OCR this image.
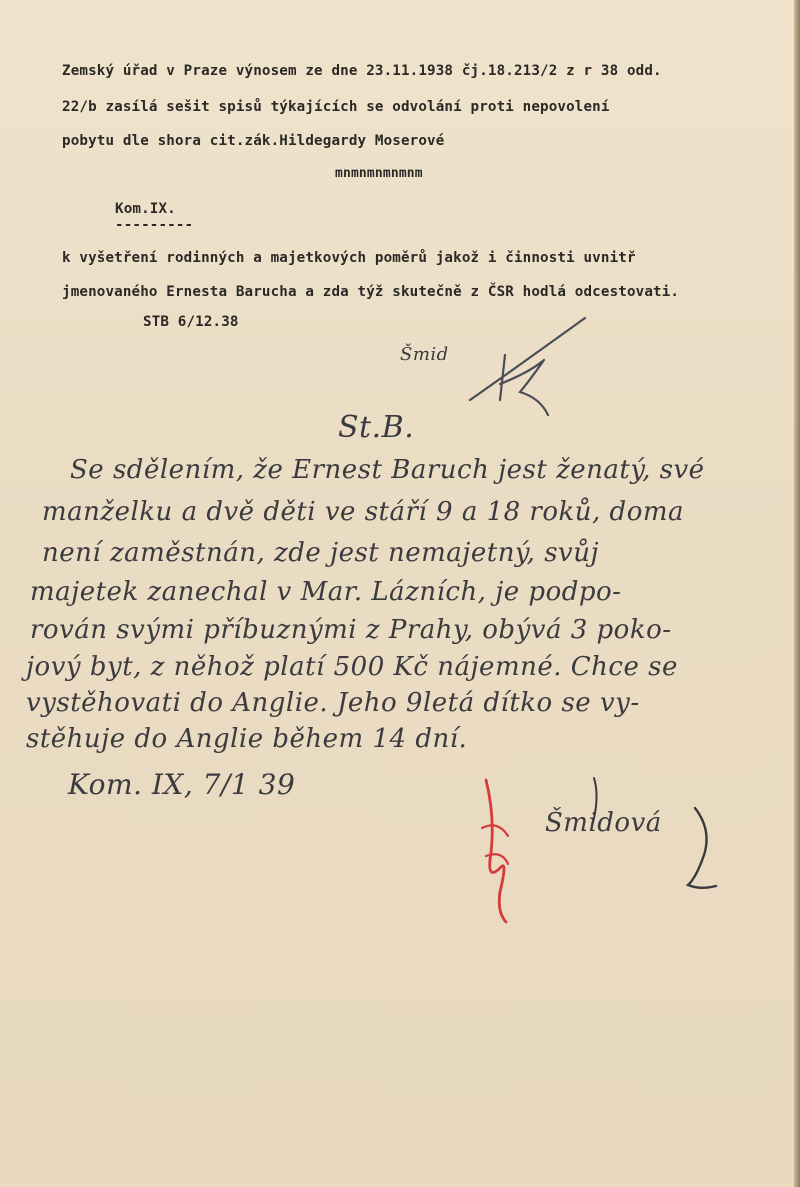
Zemský úřad v Praze výnosem ze dne 23.11.1938 čj.18.213/2 z r 38 odd.
22/b zasílá sešit spisů týkajících se odvolání proti nepovolení
pobytu dle shora cit.zák.Hildegardy Moserové
mnmnmnmnmnm
Kom.IX.
---------
k vyšetření rodinných a majetkových poměrů jakož i činnosti uvnitř
jmenovaného Ernesta Barucha a zda týž skutečně z ČSR hodlá odcestovati.
STB 6/12.38
Šmid
St.B.
Se sdělením, že Ernest Baruch jest ženatý, své
manželku a dvě děti ve stáří 9 a 18 roků, doma
není zaměstnán, zde jest nemajetný, svůj
majetek zanechal v Mar. Lázních, je podpo-
rován svými příbuznými z Prahy, obývá 3 poko-
jový byt, z něhož platí 500 Kč nájemné. Chce se
vystěhovati do Anglie. Jeho 9letá dítko se vy-
stěhuje do Anglie během 14 dní.
Kom. IX, 7/1 39
Šmidová
